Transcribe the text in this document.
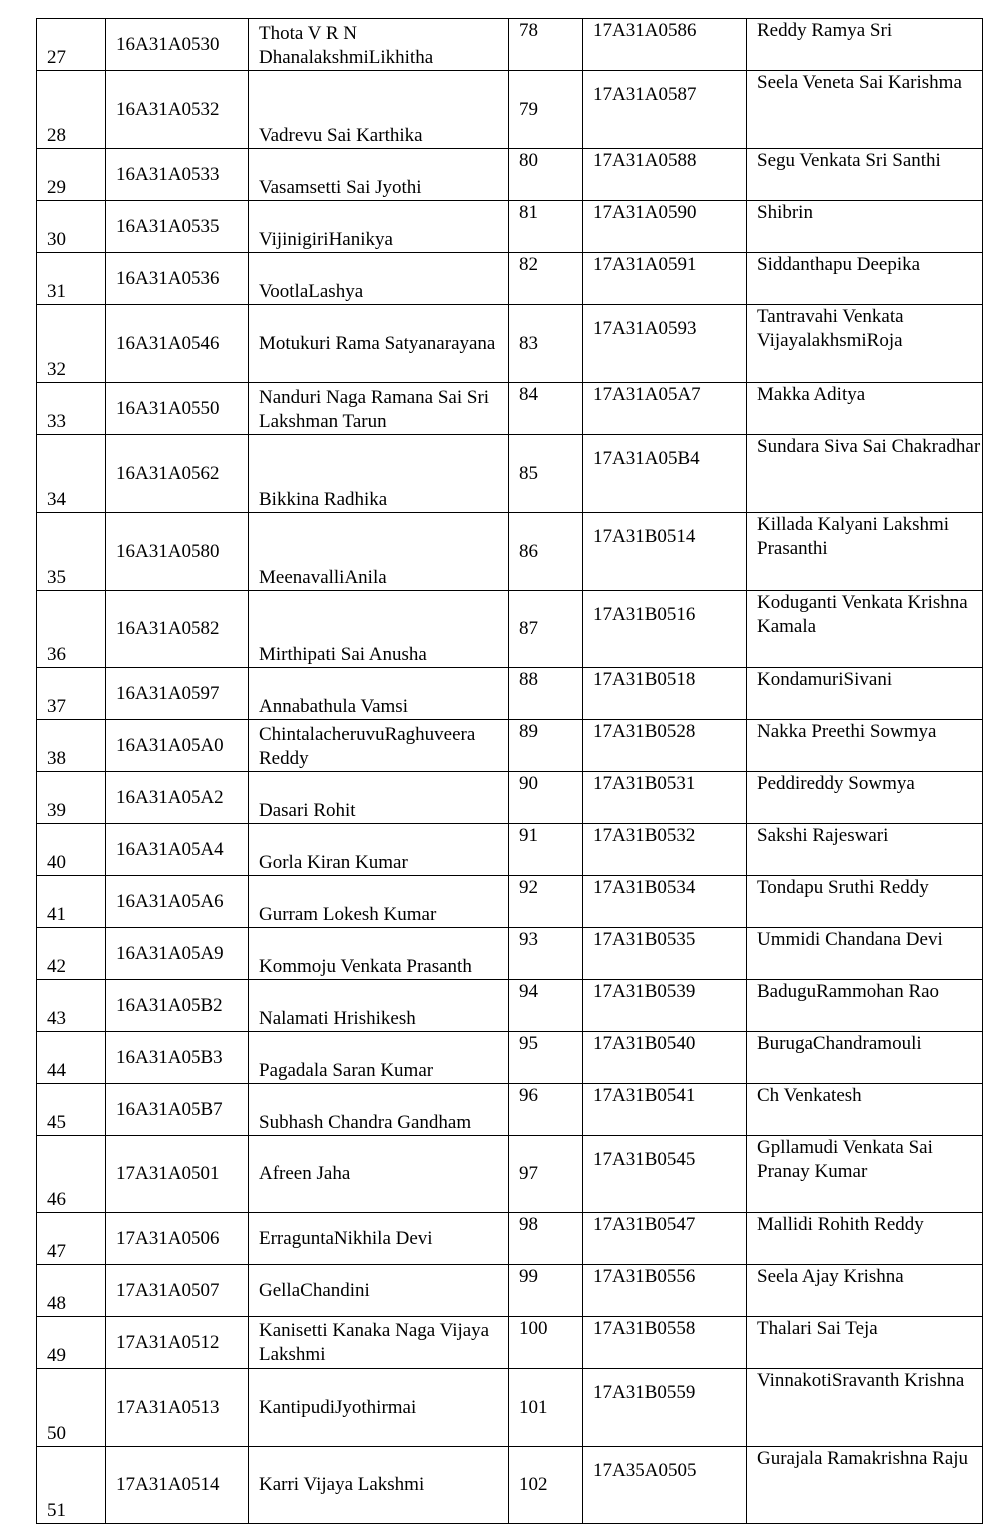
27	16A31A0530	Thota V R N DhanalakshmiLikhitha	78	17A31A0586	Reddy Ramya Sri
28	16A31A0532	Vadrevu Sai Karthika	79	17A31A0587	Seela Veneta Sai Karishma
29	16A31A0533	Vasamsetti Sai Jyothi	80	17A31A0588	Segu Venkata Sri Santhi
30	16A31A0535	VijinigiriHanikya	81	17A31A0590	Shibrin
31	16A31A0536	VootlaLashya	82	17A31A0591	Siddanthapu Deepika
32	16A31A0546	Motukuri Rama Satyanarayana	83	17A31A0593	Tantravahi Venkata VijayalakhsmiRoja
33	16A31A0550	Nanduri Naga Ramana Sai Sri Lakshman Tarun	84	17A31A05A7	Makka Aditya
34	16A31A0562	Bikkina Radhika	85	17A31A05B4	Sundara Siva Sai Chakradhar
35	16A31A0580	MeenavalliAnila	86	17A31B0514	Killada Kalyani Lakshmi Prasanthi
36	16A31A0582	Mirthipati Sai Anusha	87	17A31B0516	Koduganti Venkata Krishna Kamala
37	16A31A0597	Annabathula Vamsi	88	17A31B0518	KondamuriSivani
38	16A31A05A0	ChintalacheruvuRaghuveera Reddy	89	17A31B0528	Nakka Preethi Sowmya
39	16A31A05A2	Dasari Rohit	90	17A31B0531	Peddireddy Sowmya
40	16A31A05A4	Gorla Kiran Kumar	91	17A31B0532	Sakshi Rajeswari
41	16A31A05A6	Gurram Lokesh Kumar	92	17A31B0534	Tondapu Sruthi Reddy
42	16A31A05A9	Kommoju Venkata Prasanth	93	17A31B0535	Ummidi Chandana Devi
43	16A31A05B2	Nalamati Hrishikesh	94	17A31B0539	BaduguRammohan Rao
44	16A31A05B3	Pagadala Saran Kumar	95	17A31B0540	BurugaChandramouli
45	16A31A05B7	Subhash Chandra Gandham	96	17A31B0541	Ch Venkatesh
46	17A31A0501	Afreen Jaha	97	17A31B0545	Gpllamudi Venkata Sai Pranay Kumar
47	17A31A0506	ErraguntaNikhila Devi	98	17A31B0547	Mallidi Rohith Reddy
48	17A31A0507	GellaChandini	99	17A31B0556	Seela Ajay Krishna
49	17A31A0512	Kanisetti Kanaka Naga Vijaya Lakshmi	100	17A31B0558	Thalari Sai Teja
50	17A31A0513	KantipudiJyothirmai	101	17A31B0559	VinnakotiSravanth Krishna
51	17A31A0514	Karri Vijaya Lakshmi	102	17A35A0505	Gurajala Ramakrishna Raju
